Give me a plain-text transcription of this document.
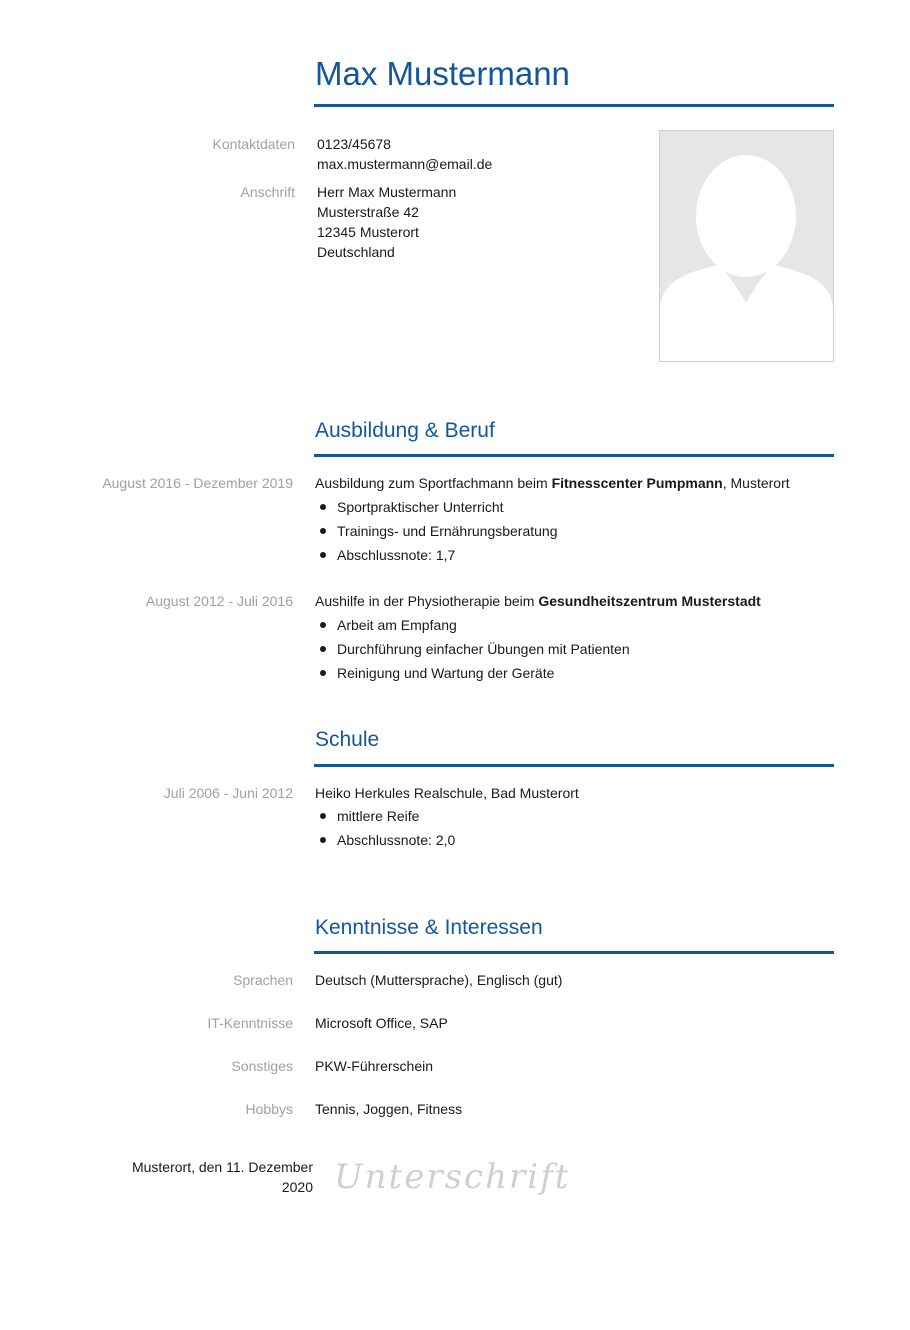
Max Mustermann
Kontaktdaten 0123/45678
max.mustermann@email.de
Anschrift Herr Max Mustermann
Musterstraße 42
12345 Musterort
Deutschland
Ausbildung & Beruf
August 2016 - Dezember 2019 Ausbildung zum Sportfachmann beim Fitnesscenter Pumpmann, Musterort
Sportpraktischer Unterricht
Trainings- und Ernährungsberatung
Abschlussnote: 1,7
August 2012 - Juli 2016 Aushilfe in der Physiotherapie beim Gesundheitszentrum Musterstadt
Arbeit am Empfang
Durchführung einfacher Übungen mit Patienten
Reinigung und Wartung der Geräte
Schule
Juli 2006 - Juni 2012 Heiko Herkules Realschule, Bad Musterort
mittlere Reife
Abschlussnote: 2,0
Kenntnisse & Interessen
Sprachen Deutsch (Muttersprache), Englisch (gut)
IT-Kenntnisse Microsoft Office, SAP
Sonstiges PKW-Führerschein
Hobbys Tennis, Joggen, Fitness
Musterort, den 11. Dezember
2020 Unterschrift
